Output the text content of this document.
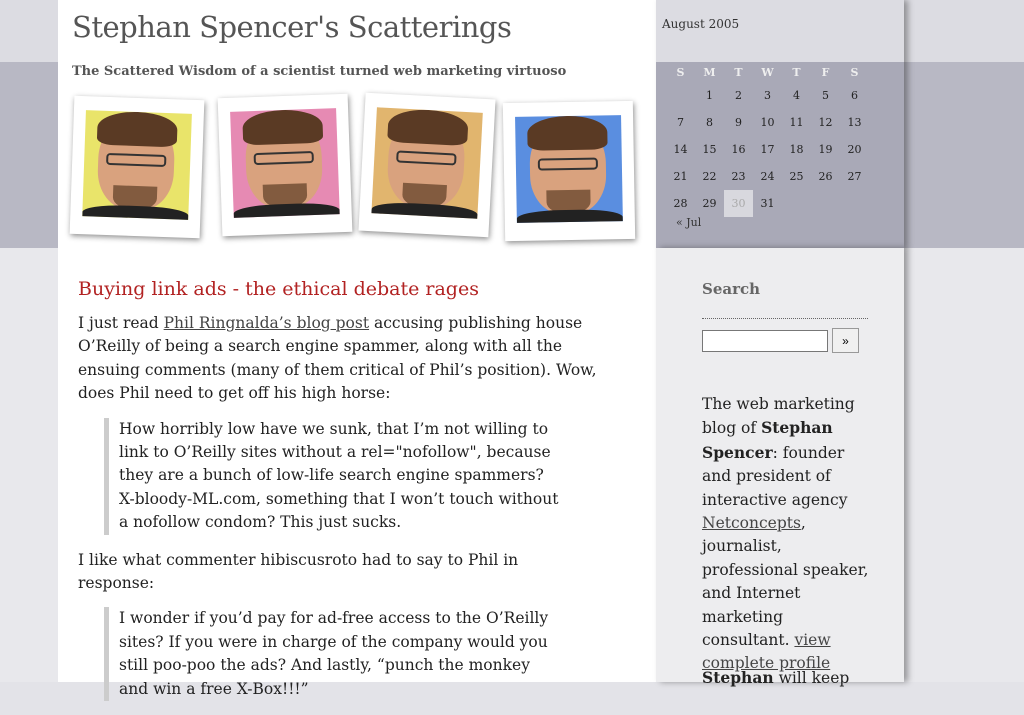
Stephan Spencer's Scatterings
The Scattered Wisdom of a scientist turned web marketing virtuoso
Buying link ads - the ethical debate rages

I just read Phil Ringnalda’s blog post accusing publishing house O’Reilly of being a search engine spammer, along with all the ensuing comments (many of them critical of Phil’s position). Wow, does Phil need to get off his high horse:

How horribly low have we sunk, that I’m not willing to link to O’Reilly sites without a rel="nofollow", because they are a bunch of low-life search engine spammers? X-bloody-ML.com, something that I won’t touch without a nofollow condom? This just sucks.

I like what commenter hibiscusroto had to say to Phil in response:

I wonder if you’d pay for ad-free access to the O’Reilly sites? If you were in charge of the company would you still poo-poo the ads? And lastly, “punch the monkey and win a free X-Box!!!”
August 2005
S	M	T	W	T	F	S
	1	2	3	4	5	6
7	8	9	10	11	12	13
14	15	16	17	18	19	20
21	22	23	24	25	26	27
28	29	30	31			
« Jul
Search
»
The web marketing blog of Stephan Spencer: founder and president of interactive agency Netconcepts, journalist, professional speaker, and Internet marketing consultant. view complete profile
Stephan will keep
